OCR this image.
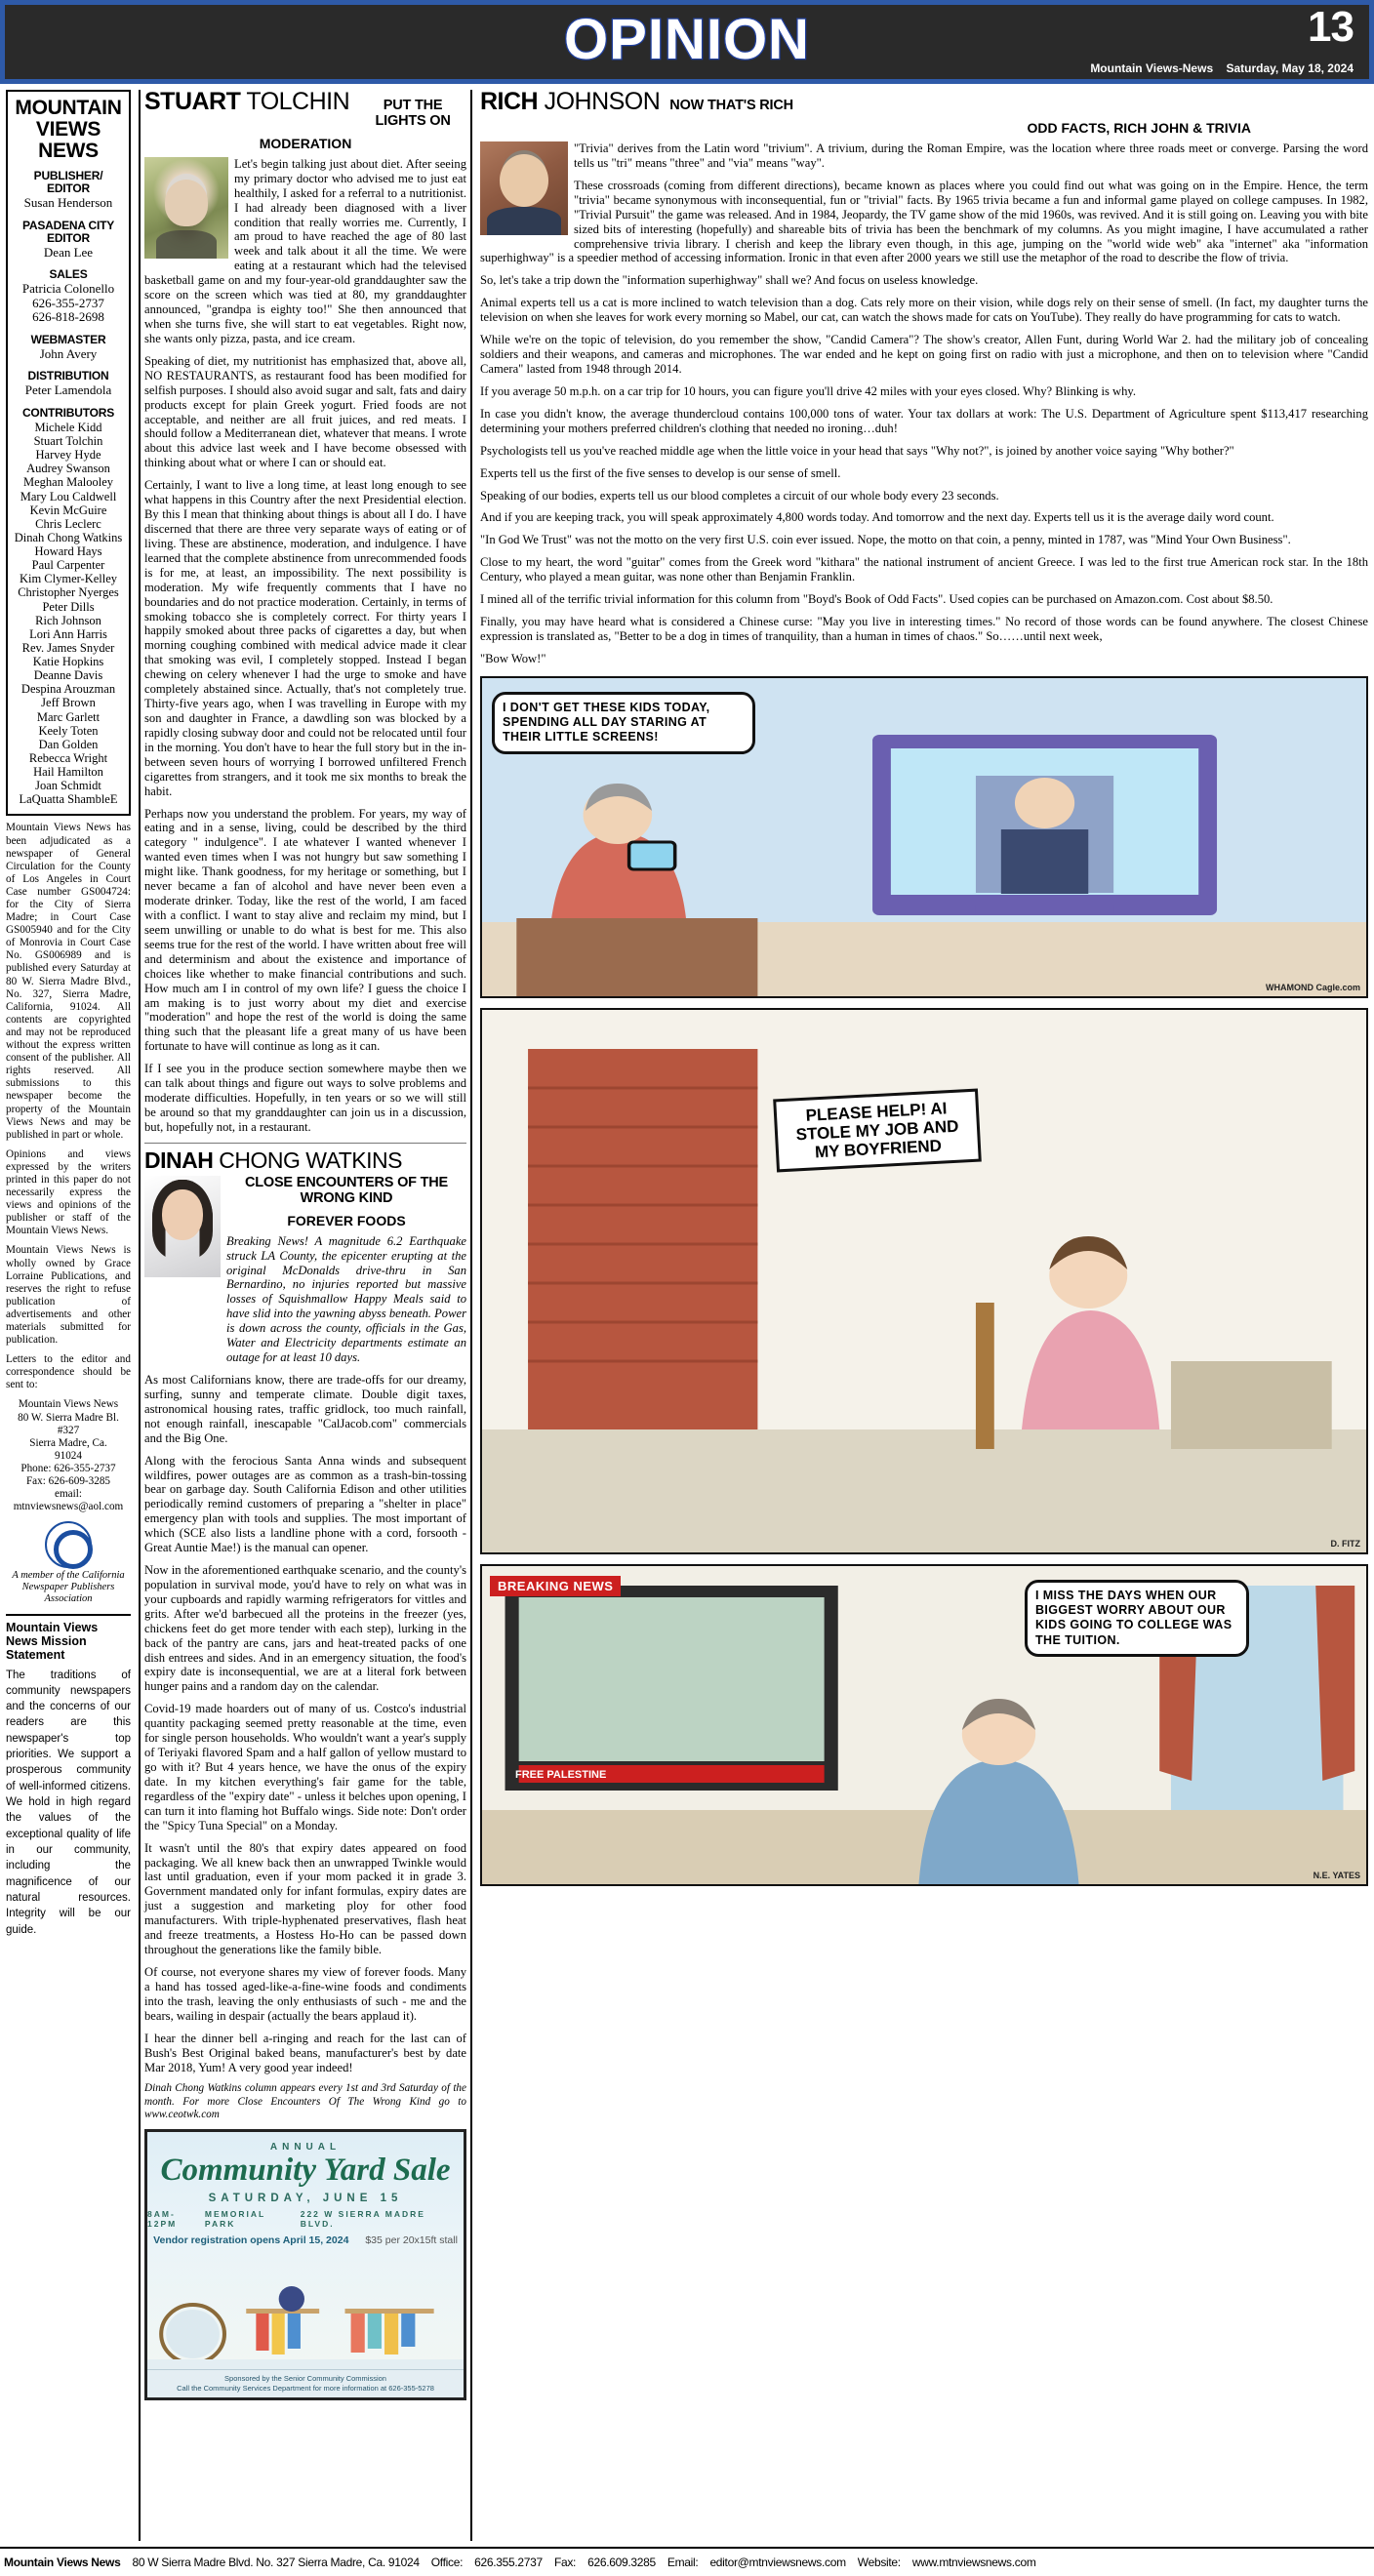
OPINION	13
Mountain Views-News Saturday, May 18, 2024
MOUNTAIN
VIEWS
NEWS
PUBLISHER/ EDITOR
Susan Henderson
PASADENA CITY EDITOR
Dean Lee
SALES
Patricia Colonello
626-355-2737
626-818-2698
WEBMASTER
John Avery
DISTRIBUTION
Peter Lamendola
CONTRIBUTORS
Michele Kidd
Stuart Tolchin
Harvey Hyde
Audrey Swanson
Meghan Malooley
Mary Lou Caldwell
Kevin McGuire
Chris Leclerc
Dinah Chong Watkins
Howard Hays
Paul Carpenter
Kim Clymer-Kelley
Christopher Nyerges
Peter Dills
Rich Johnson
Lori Ann Harris
Rev. James Snyder
Katie Hopkins
Deanne Davis
Despina Arouzman
Jeff Brown
Marc Garlett
Keely Toten
Dan Golden
Rebecca Wright
Hail Hamilton
Joan Schmidt
LaQuatta ShambleE

Mountain Views News has been adjudicated as a newspaper of General Circulation for the County of Los Angeles in Court Case number GS004724: for the City of Sierra Madre; in Court Case GS005940 and for the City of Monrovia in Court Case No. GS006989 and is published every Saturday at 80 W. Sierra Madre Blvd., No. 327, Sierra Madre, California, 91024. All contents are copyrighted and may not be reproduced without the express written consent of the publisher. All rights reserved. All submissions to this newspaper become the property of the Mountain Views News and may be published in part or whole.

Opinions and views expressed by the writers printed in this paper do not necessarily express the views and opinions of the publisher or staff of the Mountain Views News.

Mountain Views News is wholly owned by Grace Lorraine Publications, and reserves the right to refuse publication of advertisements and other materials submitted for publication.

Letters to the editor and correspondence should be sent to:

Mountain Views News
80 W. Sierra Madre Bl.
#327
Sierra Madre, Ca.
91024
Phone: 626-355-2737
Fax: 626-609-3285
email:
mtnviewsnews@aol.com

A member of the California Newspaper Publishers Association
Mountain Views News Mission Statement
The traditions of community newspapers and the concerns of our readers are this newspaper's top priorities. We support a prosperous community of well-informed citizens. We hold in high regard the values of the exceptional quality of life in our community, including the magnificence of our natural resources. Integrity will be our guide.
STUART TOLCHIN	PUT THE LIGHTS ON
MODERATION

Let's begin talking just about diet. After seeing my primary doctor who advised me to just eat healthily, I asked for a referral to a nutritionist. I had already been diagnosed with a liver condition that really worries me. Currently, I am proud to have reached the age of 80 last week and talk about it all the time. We were eating at a restaurant which had the televised basketball game on and my four-year-old granddaughter saw the score on the screen which was tied at 80, my granddaughter announced, "grandpa is eighty too!" She then announced that when she turns five, she will start to eat vegetables. Right now, she wants only pizza, pasta, and ice cream.

Speaking of diet, my nutritionist has emphasized that, above all, NO RESTAURANTS, as restaurant food has been modified for selfish purposes. I should also avoid sugar and salt, fats and dairy products except for plain Greek yogurt. Fried foods are not acceptable, and neither are all fruit juices, and red meats. I should follow a Mediterranean diet, whatever that means. I wrote about this advice last week and I have become obsessed with thinking about what or where I can or should eat.

Certainly, I want to live a long time, at least long enough to see what happens in this Country after the next Presidential election. By this I mean that thinking about things is about all I do. I have discerned that there are three very separate ways of eating or of living. These are abstinence, moderation, and indulgence. I have learned that the complete abstinence from unrecommended foods is for me, at least, an impossibility. The next possibility is moderation. My wife frequently comments that I have no boundaries and do not practice moderation. Certainly, in terms of smoking tobacco she is completely correct. For thirty years I happily smoked about three packs of cigarettes a day, but when morning coughing combined with medical advice made it clear that smoking was evil, I completely stopped. Instead I began chewing on celery whenever I had the urge to smoke and have completely abstained since. Actually, that's not completely true. Thirty-five years ago, when I was travelling in Europe with my son and daughter in France, a dawdling son was blocked by a rapidly closing subway door and could not be relocated until four in the morning. You don't have to hear the full story but in the in-between seven hours of worrying I borrowed unfiltered French cigarettes from strangers, and it took me six months to break the habit.

Perhaps now you understand the problem. For years, my way of eating and in a sense, living, could be described by the third category " indulgence". I ate whatever I wanted whenever I wanted even times when I was not hungry but saw something I might like. Thank goodness, for my heritage or something, but I never became a fan of alcohol and have never been even a moderate drinker. Today, like the rest of the world, I am faced with a conflict. I want to stay alive and reclaim my mind, but I seem unwilling or unable to do what is best for me. This also seems true for the rest of the world. I have written about free will and determinism and about the existence and importance of choices like whether to make financial contributions and such. How much am I in control of my own life? I guess the choice I am making is to just worry about my diet and exercise "moderation" and hope the rest of the world is doing the same thing such that the pleasant life a great many of us have been fortunate to have will continue as long as it can.

If I see you in the produce section somewhere maybe then we can talk about things and figure out ways to solve problems and moderate difficulties. Hopefully, in ten years or so we will still be around so that my granddaughter can join us in a discussion, but, hopefully not, in a restaurant.

DINAH CHONG WATKINS
CLOSE ENCOUNTERS OF THE WRONG KIND
FOREVER FOODS

Breaking News! A magnitude 6.2 Earthquake struck LA County, the epicenter erupting at the original McDonalds drive-thru in San Bernardino, no injuries reported but massive losses of Squishmallow Happy Meals said to have slid into the yawning abyss beneath. Power is down across the county, officials in the Gas, Water and Electricity departments estimate an outage for at least 10 days.

As most Californians know, there are trade-offs for our dreamy, surfing, sunny and temperate climate. Double digit taxes, astronomical housing rates, traffic gridlock, too much rainfall, not enough rainfall, inescapable "CalJacob.com" commercials and the Big One.

Along with the ferocious Santa Anna winds and subsequent wildfires, power outages are as common as a trash-bin-tossing bear on garbage day. South California Edison and other utilities periodically remind customers of preparing a "shelter in place" emergency plan with tools and supplies. The most important of which (SCE also lists a landline phone with a cord, forsooth - Great Auntie Mae!) is the manual can opener.

Now in the aforementioned earthquake scenario, and the county's population in survival mode, you'd have to rely on what was in your cupboards and rapidly warming refrigerators for vittles and grits. After we'd barbecued all the proteins in the freezer (yes, chickens feet do get more tender with each step), lurking in the back of the pantry are cans, jars and heat-treated packs of one dish entrees and sides. And in an emergency situation, the food's expiry date is inconsequential, we are at a literal fork between hunger pains and a random day on the calendar.

Covid-19 made hoarders out of many of us. Costco's industrial quantity packaging seemed pretty reasonable at the time, even for single person households. Who wouldn't want a year's supply of Teriyaki flavored Spam and a half gallon of yellow mustard to go with it? But 4 years hence, we have the onus of the expiry date. In my kitchen everything's fair game for the table, regardless of the "expiry date" - unless it belches upon opening, I can turn it into flaming hot Buffalo wings. Side note: Don't order the "Spicy Tuna Special" on a Monday.

It wasn't until the 80's that expiry dates appeared on food packaging. We all knew back then an unwrapped Twinkle would last until graduation, even if your mom packed it in grade 3. Government mandated only for infant formulas, expiry dates are just a suggestion and marketing ploy for other food manufacturers. With triple-hyphenated preservatives, flash heat and freeze treatments, a Hostess Ho-Ho can be passed down throughout the generations like the family bible.

Of course, not everyone shares my view of forever foods. Many a hand has tossed aged-like-a-fine-wine foods and condiments into the trash, leaving the only enthusiasts of such - me and the bears, wailing in despair (actually the bears applaud it).

I hear the dinner bell a-ringing and reach for the last can of Bush's Best Original baked beans, manufacturer's best by date Mar 2018, Yum! A very good year indeed!

Dinah Chong Watkins column appears every 1st and 3rd Saturday of the month. For more Close Encounters Of The Wrong Kind go to www.ceotwk.com

ANNUAL
Community Yard Sale
SATURDAY, JUNE 15
8AM-12PM
MEMORIAL PARK
222 W SIERRA MADRE BLVD.
Vendor registration opens April 15, 2024 $35 per 20x15ft stall
Sponsored by the Senior Community Commission
Call the Community Services Department for more information at 626-355-5278
RICH JOHNSON NOW THAT'S RICH
ODD FACTS, RICH JOHN & TRIVIA

"Trivia" derives from the Latin word "trivium". A trivium, during the Roman Empire, was the location where three roads meet or converge. Parsing the word tells us "tri" means "three" and "via" means "way".

These crossroads (coming from different directions), became known as places where you could find out what was going on in the Empire. Hence, the term "trivia" became synonymous with inconsequential, fun or "trivial" facts. By 1965 trivia became a fun and informal game played on college campuses. In 1982, "Trivial Pursuit" the game was released. And in 1984, Jeopardy, the TV game show of the mid 1960s, was revived. And it is still going on. Leaving you with bite sized bits of interesting (hopefully) and shareable bits of trivia has been the benchmark of my columns. As you might imagine, I have accumulated a rather comprehensive trivia library. I cherish and keep the library even though, in this age, jumping on the "world wide web" aka "internet" aka "information superhighway" is a speedier method of accessing information. Ironic in that even after 2000 years we still use the metaphor of the road to describe the flow of trivia.

So, let's take a trip down the "information superhighway" shall we? And focus on useless knowledge.

Animal experts tell us a cat is more inclined to watch television than a dog. Cats rely more on their vision, while dogs rely on their sense of smell. (In fact, my daughter turns the television on when she leaves for work every morning so Mabel, our cat, can watch the shows made for cats on YouTube). They really do have programming for cats to watch.

While we're on the topic of television, do you remember the show, "Candid Camera"? The show's creator, Allen Funt, during World War 2. had the military job of concealing soldiers and their weapons, and cameras and microphones. The war ended and he kept on going first on radio with just a microphone, and then on to television where "Candid Camera" lasted from 1948 through 2014.

If you average 50 m.p.h. on a car trip for 10 hours, you can figure you'll drive 42 miles with your eyes closed. Why? Blinking is why.

In case you didn't know, the average thundercloud contains 100,000 tons of water. Your tax dollars at work: The U.S. Department of Agriculture spent $113,417 researching determining your mothers preferred children's clothing that needed no ironing…duh!

Psychologists tell us you've reached middle age when the little voice in your head that says "Why not?", is joined by another voice saying "Why bother?"

Experts tell us the first of the five senses to develop is our sense of smell.

Speaking of our bodies, experts tell us our blood completes a circuit of our whole body every 23 seconds.

And if you are keeping track, you will speak approximately 4,800 words today. And tomorrow and the next day. Experts tell us it is the average daily word count.

"In God We Trust" was not the motto on the very first U.S. coin ever issued. Nope, the motto on that coin, a penny, minted in 1787, was "Mind Your Own Business".

Close to my heart, the word "guitar" comes from the Greek word "kithara" the national instrument of ancient Greece. I was led to the first true American rock star. In the 18th Century, who played a mean guitar, was none other than Benjamin Franklin.

I mined all of the terrific trivial information for this column from "Boyd's Book of Odd Facts". Used copies can be purchased on Amazon.com. Cost about $8.50.

Finally, you may have heard what is considered a Chinese curse: "May you live in interesting times." No record of those words can be found anywhere. The closest Chinese expression is translated as, "Better to be a dog in times of tranquility, than a human in times of chaos." So……until next week,

"Bow Wow!"

I DON'T GET THESE KIDS TODAY, SPENDING ALL DAY STARING AT THEIR LITTLE SCREENS!
WHAMOND Cagle.com
PLEASE HELP! AI STOLE MY JOB AND MY BOYFRIEND
D. FITZ
BREAKING NEWS
FREE PALESTINE
I MISS THE DAYS WHEN OUR BIGGEST WORRY ABOUT OUR KIDS GOING TO COLLEGE WAS THE TUITION.
N.E. YATES
Mountain Views News 80 W Sierra Madre Blvd. No. 327 Sierra Madre, Ca. 91024 Office: 626.355.2737 Fax: 626.609.3285 Email: editor@mtnviewsnews.com Website: www.mtnviewsnews.com
